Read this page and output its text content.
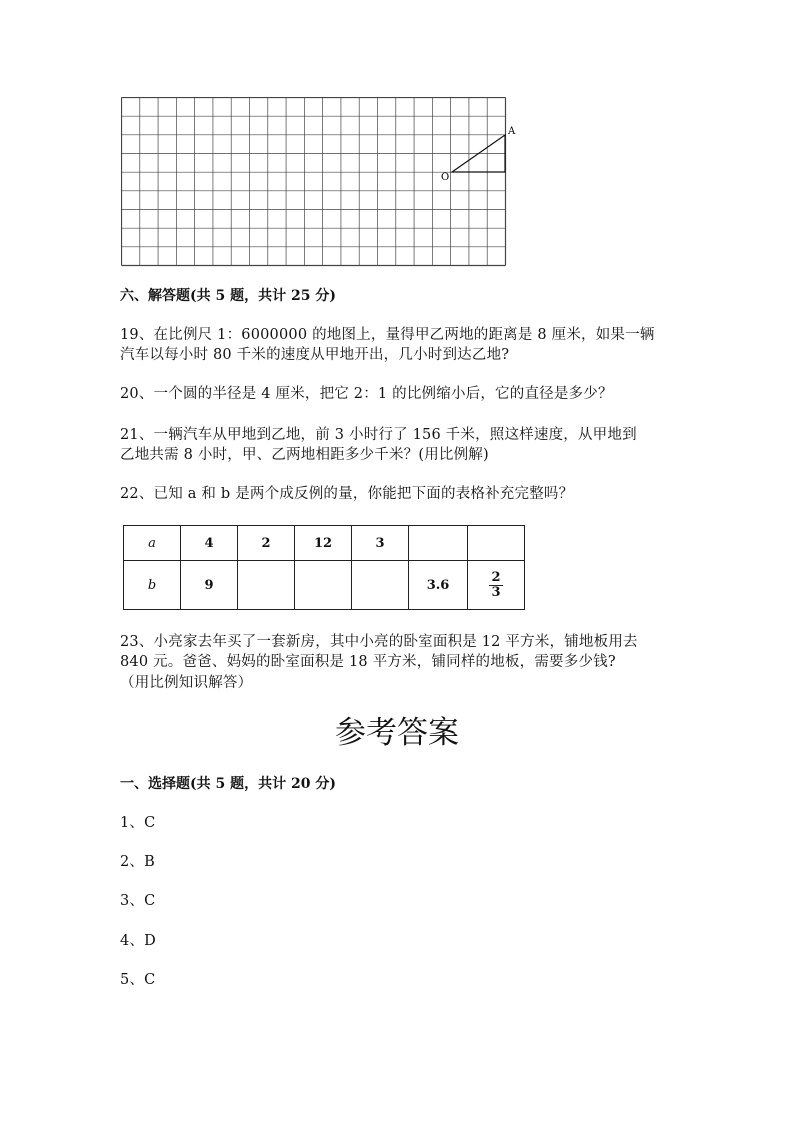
A
O

六、解答题(共 5 题，共计 25 分)

19、在比例尺 1：6000000 的地图上，量得甲乙两地的距离是 8 厘米，如果一辆

汽车以每小时 80 千米的速度从甲地开出，几小时到达乙地?

20、一个圆的半径是 4 厘米，把它 2：1 的比例缩小后，它的直径是多少？

21、一辆汽车从甲地到乙地，前 3 小时行了 156 千米，照这样速度，从甲地到

乙地共需 8 小时，甲、乙两地相距多少千米？(用比例解)

22、已知 a 和 b 是两个成反例的量，你能把下面的表格补充完整吗？

a	4	2	12	3		
b	9				3.6	$\frac{2}{3}$

23、小亮家去年买了一套新房，其中小亮的卧室面积是 12 平方米，铺地板用去

840 元。爸爸、妈妈的卧室面积是 18 平方米，铺同样的地板，需要多少钱?

（用比例知识解答）

参考答案

一、选择题(共 5 题，共计 20 分)

1、C

2、B

3、C

4、D

5、C
